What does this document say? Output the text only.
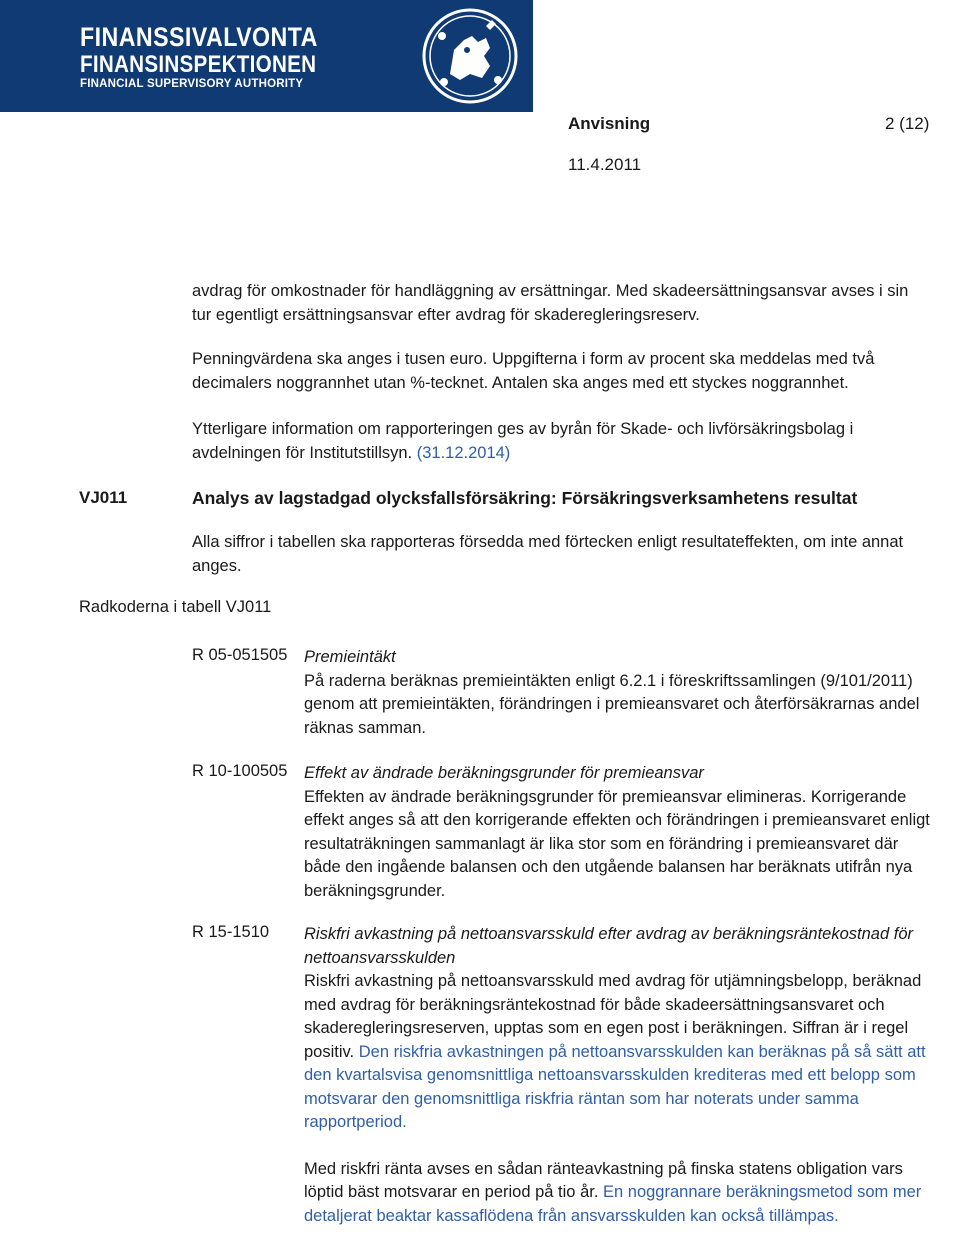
FINANSSIVALVONTA
FINANSINSPEKTIONEN
FINANCIAL SUPERVISORY AUTHORITY
Anvisning	2 (12)
11.4.2011

avdrag för omkostnader för handläggning av ersättningar. Med skadeersättningsansvar avses i sin tur egentligt ersättningsansvar efter avdrag för skaderegleringsreserv.

Penningvärdena ska anges i tusen euro. Uppgifterna i form av procent ska meddelas med två decimalers noggrannhet utan %-tecknet. Antalen ska anges med ett styckes noggrannhet.

Ytterligare information om rapporteringen ges av byrån för Skade- och livförsäkringsbolag i avdelningen för Institutstillsyn. (31.12.2014)

VJ011	Analys av lagstadgad olycksfallsförsäkring: Försäkringsverksamhetens resultat

Alla siffror i tabellen ska rapporteras försedda med förtecken enligt resultateffekten, om inte annat anges.

Radkoderna i tabell VJ011
R 05-051505 Premieintäkt

På raderna beräknas premieintäkten enligt 6.2.1 i föreskriftssamlingen (9/101/2011) genom att premieintäkten, förändringen i premieansvaret och återförsäkrarnas andel räknas samman.

R 10-100505 Effekt av ändrade beräkningsgrunder för premieansvar

Effekten av ändrade beräkningsgrunder för premieansvar elimineras. Korrigerande effekt anges så att den korrigerande effekten och förändringen i premieansvaret enligt resultaträkningen sammanlagt är lika stor som en förändring i premieansvaret där både den ingående balansen och den utgående balansen har beräknats utifrån nya beräkningsgrunder.

R 15-1510 Riskfri avkastning på nettoansvarsskuld efter avdrag av beräkningsräntekostnad för nettoansvarsskulden

Riskfri avkastning på nettoansvarsskuld med avdrag för utjämningsbelopp, beräknad med avdrag för beräkningsräntekostnad för både skadeersättningsansvaret och skaderegleringsreserven, upptas som en egen post i beräkningen. Siffran är i regel positiv. Den riskfria avkastningen på nettoansvarsskulden kan beräknas på så sätt att den kvartalsvisa genomsnittliga nettoansvarsskulden krediteras med ett belopp som motsvarar den genomsnittliga riskfria räntan som har noterats under samma rapportperiod.

Med riskfri ränta avses en sådan ränteavkastning på finska statens obligation vars löptid bäst motsvarar en period på tio år. En noggrannare beräkningsmetod som mer detaljerat beaktar kassaflödena från ansvarsskulden kan också tillämpas.
